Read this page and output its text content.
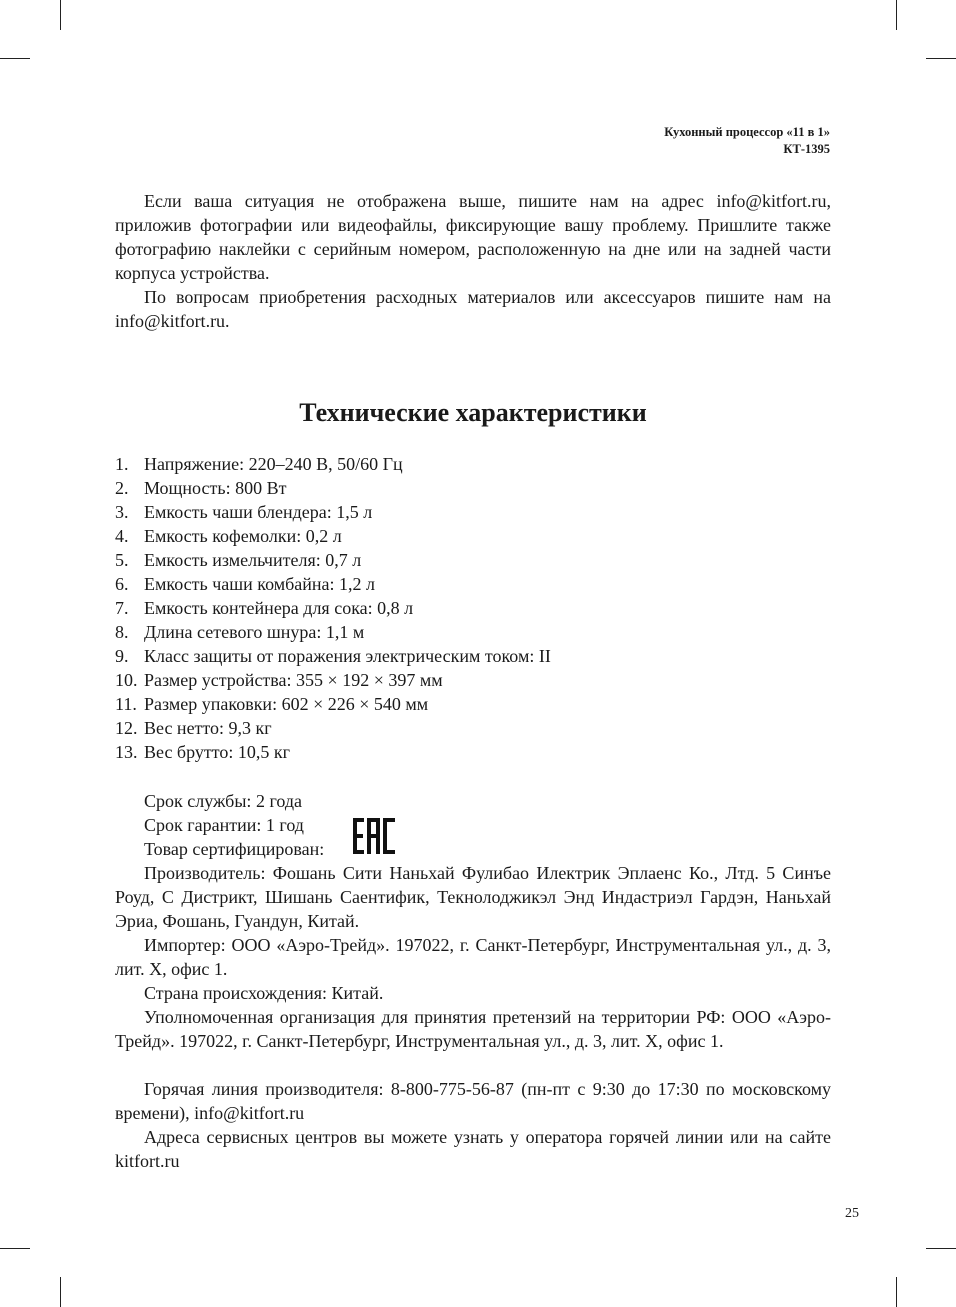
Кухонный процессор «11 в 1»
КТ-1395
Если ваша ситуация не отображена выше, пишите нам на адрес info@kitfort.ru, приложив фотографии или видеофайлы, фиксирующие вашу проблему. Пришлите также фотографию наклейки с серийным номером, расположенную на дне или на задней части корпуса устройства.
По вопросам приобретения расходных материалов или аксессуаров пишите нам на info@kitfort.ru.
Технические характеристики
1. Напряжение: 220–240 В, 50/60 Гц
2. Мощность: 800 Вт
3. Емкость чаши блендера: 1,5 л
4. Емкость кофемолки: 0,2 л
5. Емкость измельчителя: 0,7 л
6. Емкость чаши комбайна: 1,2 л
7. Емкость контейнера для сока: 0,8 л
8. Длина сетевого шнура: 1,1 м
9. Класс защиты от поражения электрическим током: II
10. Размер устройства: 355 × 192 × 397 мм
11. Размер упаковки: 602 × 226 × 540 мм
12. Вес нетто: 9,3 кг
13. Вес брутто: 10,5 кг
Срок службы: 2 года
Срок гарантии: 1 год
Товар сертифицирован:
Производитель: Фошань Сити Наньхай Фулибао Илектрик Эплаенс Ко., Лтд. 5 Синъе Роуд, С Дистрикт, Шишань Саентифик, Текнолоджикэл Энд Индастриэл Гардэн, Наньхай Эриа, Фошань, Гуандун, Китай.
Импортер: ООО «Аэро-Трейд». 197022, г. Санкт-Петербург, Инструментальная ул., д. 3, лит. Х, офис 1.
Страна происхождения: Китай.
Уполномоченная организация для принятия претензий на территории РФ: ООО «Аэро-Трейд». 197022, г. Санкт-Петербург, Инструментальная ул., д. 3, лит. Х, офис 1.
Горячая линия производителя: 8-800-775-56-87 (пн-пт с 9:30 до 17:30 по московскому времени), info@kitfort.ru
Адреса сервисных центров вы можете узнать у оператора горячей линии или на сайте kitfort.ru
25
